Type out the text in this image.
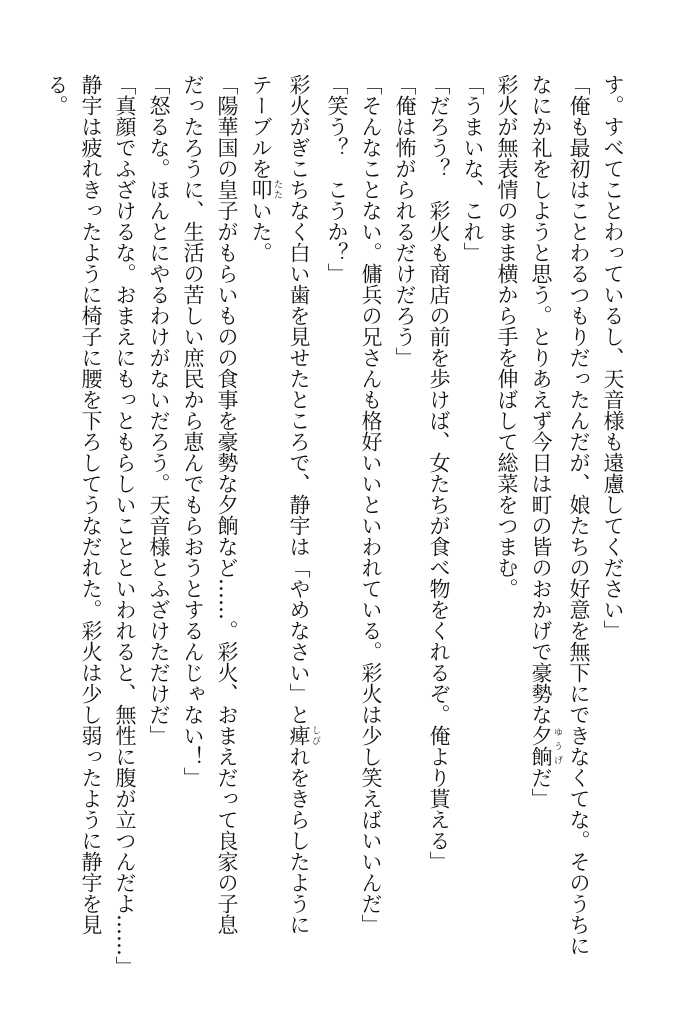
す。すべてことわっているし、天音様も遠慮してください」
「俺も最初はことわるつもりだったんだが、娘たちの好意を無下にできなくてな。そのうちに
なにか礼をしようと思う。とりあえず今日は町の皆のおかげで豪勢な夕餉 ゆうげだ」
彩火が無表情のまま横から手を伸ばして総菜をつまむ。
「うまいな、これ」
「だろう？　彩火も商店の前を歩けば、女たちが食べ物をくれるぞ。俺より貰える」
「俺は怖がられるだけだろう」
「そんなことない。傭兵の兄さんも格好いいといわれている。彩火は少し笑えばいいんだ」
「笑う？　こうか？」
彩火がぎこちなく白い歯を見せたところで、静宇は「やめなさい」と痺 しびれをきらしたように
テーブルを叩 たたいた。
「陽華国の皇子がもらいものの食事を豪勢な夕餉など……。彩火、おまえだって良家の子息
だったろうに、生活の苦しい庶民から恵んでもらおうとするんじゃない！」
「怒るな。ほんとにやるわけがないだろう。天音様とふざけただけだ」
「真顔でふざけるな。おまえにもっともらしいことといわれると、無性に腹が立つんだよ……」
静宇は疲れきったように椅子に腰を下ろしてうなだれた。彩火は少し弱ったように静宇を見
る。
